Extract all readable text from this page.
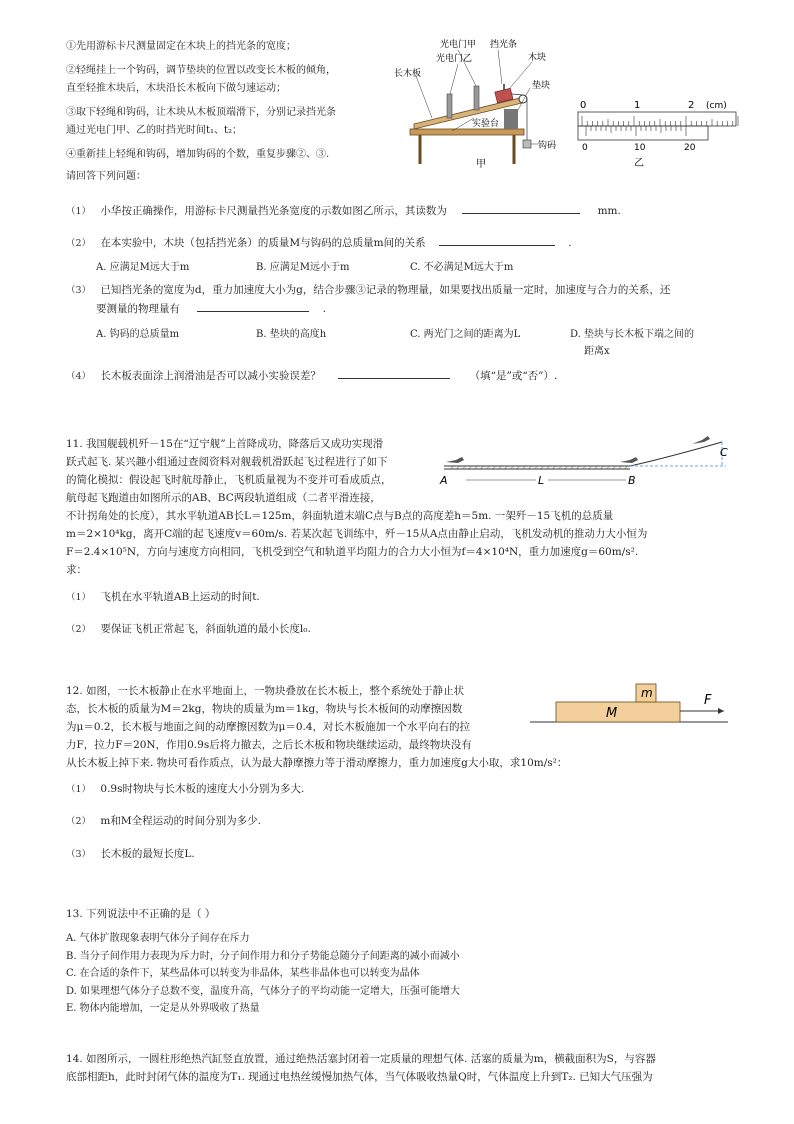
①先用游标卡尺测量固定在木块上的挡光条的宽度；
②轻绳挂上一个钩码，调节垫块的位置以改变长木板的倾角，
直至轻推木块后，木块沿长木板向下做匀速运动；
③取下轻绳和钩码，让木块从木板顶端滑下，分别记录挡光条
通过光电门甲、乙的时挡光时间t₁、t₂；
④重新挂上轻绳和钩码，增加钩码的个数，重复步骤②、③.
请回答下列问题：
光电门甲 挡光条
光电门乙	木块
长木板
垫块
实验台
钩码
甲
0	1	2 (cm)
0	10	20
乙
（1） 小华按正确操作，用游标卡尺测量挡光条宽度的示数如图乙所示，其读数为	mm.
（2） 在本实验中，木块（包括挡光条）的质量M与钩码的总质量m间的关系	.
A. 应满足M远大于m	B. 应满足M远小于m	C. 不必满足M远大于m
（3） 已知挡光条的宽度为d，重力加速度大小为g，结合步骤③记录的物理量，如果要找出质量一定时，加速度与合力的关系，还
要测量的物理量有	.
A. 钩码的总质量m	B. 垫块的高度h	C. 两光门之间的距离为L	D. 垫块与长木板下端之间的
距离x
（4） 长木板表面涂上润滑油是否可以减小实验误差？	（填“是”或“否”）.
11. 我国舰载机歼－15在“辽宁舰”上首降成功，降落后又成功实现滑
跃式起飞. 某兴趣小组通过查阅资料对舰载机滑跃起飞过程进行了如下
的简化模拟：假设起飞时航母静止，飞机质量视为不变并可看成质点，
航母起飞跑道由如图所示的AB、BC两段轨道组成（二者平滑连接，
不计拐角处的长度），其水平轨道AB长L＝125m，斜面轨道末端C点与B点的高度差h＝5m. 一架歼－15飞机的总质量
m＝2×10⁴kg，离开C端的起飞速度v＝60m/s. 若某次起飞训练中，歼－15从A点由静止启动，飞机发动机的推动力大小恒为
F＝2.4×10⁵N，方向与速度方向相同，飞机受到空气和轨道平均阻力的合力大小恒为f＝4×10⁴N，重力加速度g＝60m/s².
求：
A	L	B
C
（1） 飞机在水平轨道AB上运动的时间t.
（2） 要保证飞机正常起飞，斜面轨道的最小长度l₀.
12. 如图，一长木板静止在水平地面上，一物块叠放在长木板上，整个系统处于静止状
态，长木板的质量为M＝2kg，物块的质量为m＝1kg，物块与长木板间的动摩擦因数
为μ＝0.2，长木板与地面之间的动摩擦因数为μ＝0.4，对长木板施加一个水平向右的拉
力F，拉力F＝20N，作用0.9s后将力撤去，之后长木板和物块继续运动，最终物块没有
从长木板上掉下来. 物块可看作质点，认为最大静摩擦力等于滑动摩擦力，重力加速度g大小取，求10m/s²：
m
M
F
（1） 0.9s时物块与长木板的速度大小分别为多大.
（2） m和M全程运动的时间分别为多少.
（3） 长木板的最短长度L.
13. 下列说法中不正确的是（ ）
A. 气体扩散现象表明气体分子间存在斥力
B. 当分子间作用力表现为斥力时，分子间作用力和分子势能总随分子间距离的减小而减小
C. 在合适的条件下，某些晶体可以转变为非晶体，某些非晶体也可以转变为晶体
D. 如果理想气体分子总数不变，温度升高，气体分子的平均动能一定增大，压强可能增大
E. 物体内能增加，一定是从外界吸收了热量
14. 如图所示，一圆柱形绝热汽缸竖直放置，通过绝热活塞封闭着一定质量的理想气体. 活塞的质量为m，横截面积为S，与容器
底部相距h，此时封闭气体的温度为T₁. 现通过电热丝缓慢加热气体，当气体吸收热量Q时，气体温度上升到T₂. 已知大气压强为
